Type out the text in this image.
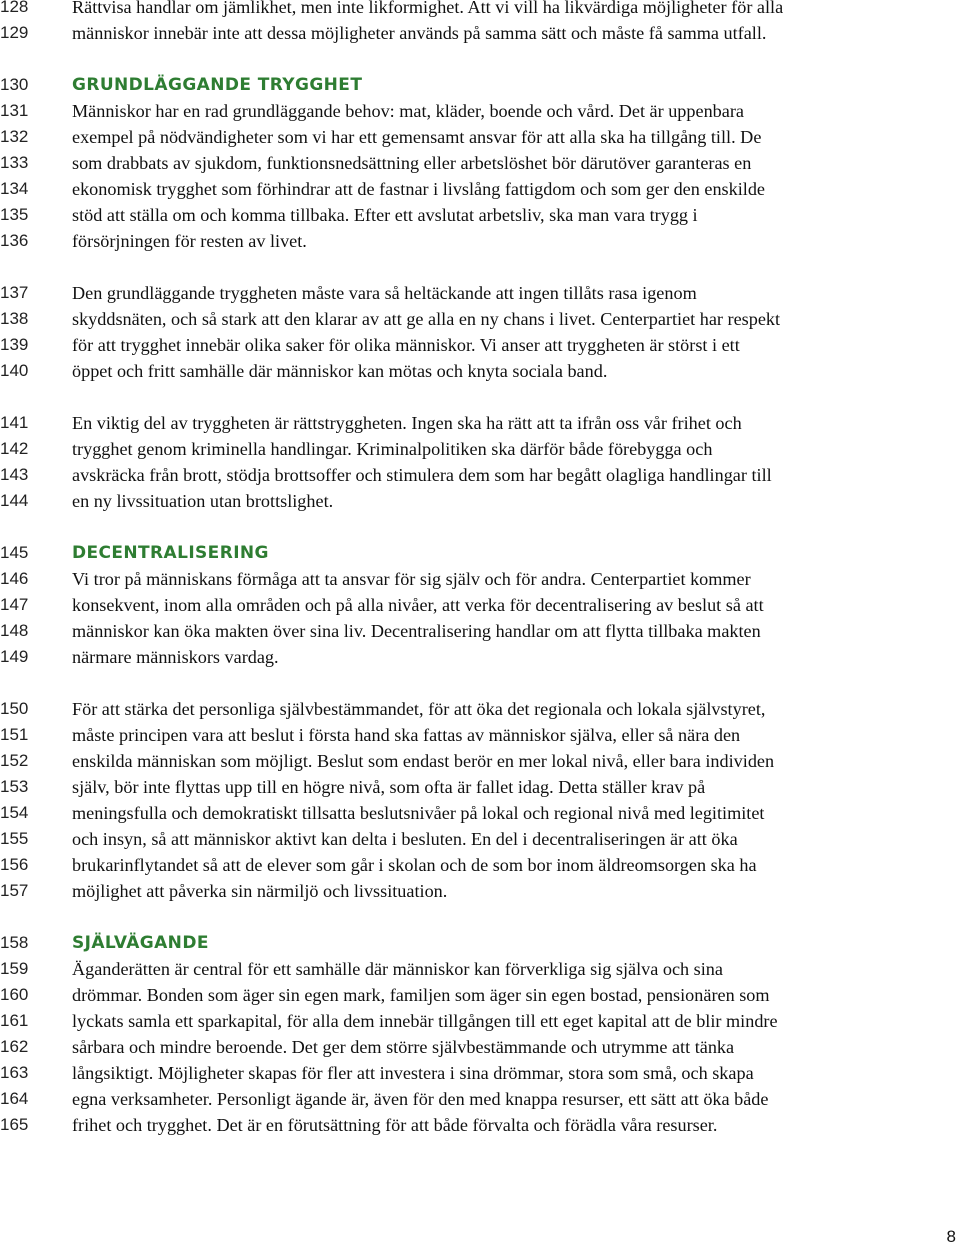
128	Rättvisa handlar om jämlikhet, men inte likformighet. Att vi vill ha likvärdiga möjligheter för alla
129	människor innebär inte att dessa möjligheter används på samma sätt och måste få samma utfall.
130	GRUNDLÄGGANDE TRYGGHET
131	Människor har en rad grundläggande behov: mat, kläder, boende och vård. Det är uppenbara
132	exempel på nödvändigheter som vi har ett gemensamt ansvar för att alla ska ha tillgång till. De
133	som drabbats av sjukdom, funktionsnedsättning eller arbetslöshet bör därutöver garanteras en
134	ekonomisk trygghet som förhindrar att de fastnar i livslång fattigdom och som ger den enskilde
135	stöd att ställa om och komma tillbaka. Efter ett avslutat arbetsliv, ska man vara trygg i
136	försörjningen för resten av livet.
137	Den grundläggande tryggheten måste vara så heltäckande att ingen tillåts rasa igenom
138	skyddsnäten, och så stark att den klarar av att ge alla en ny chans i livet. Centerpartiet har respekt
139	för att trygghet innebär olika saker för olika människor. Vi anser att tryggheten är störst i ett
140	öppet och fritt samhälle där människor kan mötas och knyta sociala band.
141	En viktig del av tryggheten är rättstryggheten. Ingen ska ha rätt att ta ifrån oss vår frihet och
142	trygghet genom kriminella handlingar. Kriminalpolitiken ska därför både förebygga och
143	avskräcka från brott, stödja brottsoffer och stimulera dem som har begått olagliga handlingar till
144	en ny livssituation utan brottslighet.
145	DECENTRALISERING
146	Vi tror på människans förmåga att ta ansvar för sig själv och för andra. Centerpartiet kommer
147	konsekvent, inom alla områden och på alla nivåer, att verka för decentralisering av beslut så att
148	människor kan öka makten över sina liv. Decentralisering handlar om att flytta tillbaka makten
149	närmare människors vardag.
150	För att stärka det personliga självbestämmandet, för att öka det regionala och lokala självstyret,
151	måste principen vara att beslut i första hand ska fattas av människor själva, eller så nära den
152	enskilda människan som möjligt. Beslut som endast berör en mer lokal nivå, eller bara individen
153	själv, bör inte flyttas upp till en högre nivå, som ofta är fallet idag. Detta ställer krav på
154	meningsfulla och demokratiskt tillsatta beslutsnivåer på lokal och regional nivå med legitimitet
155	och insyn, så att människor aktivt kan delta i besluten. En del i decentraliseringen är att öka
156	brukarinflytandet så att de elever som går i skolan och de som bor inom äldreomsorgen ska ha
157	möjlighet att påverka sin närmiljö och livssituation.
158	SJÄLVÄGANDE
159	Äganderätten är central för ett samhälle där människor kan förverkliga sig själva och sina
160	drömmar. Bonden som äger sin egen mark, familjen som äger sin egen bostad, pensionären som
161	lyckats samla ett sparkapital, för alla dem innebär tillgången till ett eget kapital att de blir mindre
162	sårbara och mindre beroende. Det ger dem större självbestämmande och utrymme att tänka
163	långsiktigt. Möjligheter skapas för fler att investera i sina drömmar, stora som små, och skapa
164	egna verksamheter. Personligt ägande är, även för den med knappa resurser, ett sätt att öka både
165	frihet och trygghet. Det är en förutsättning för att både förvalta och förädla våra resurser.
8
